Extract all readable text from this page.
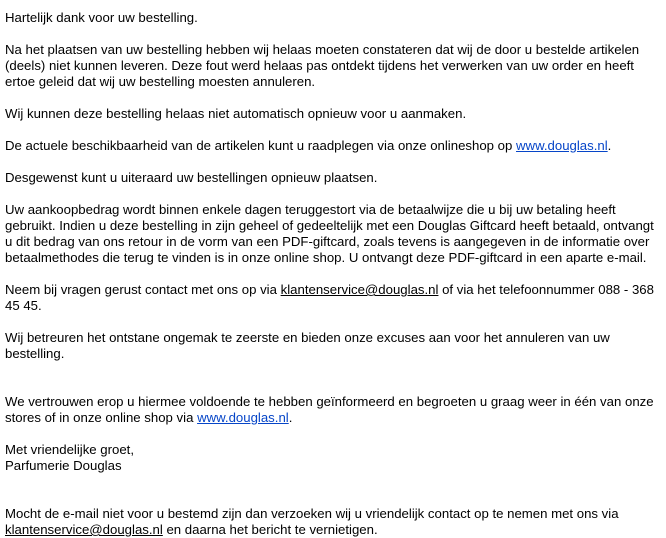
Hartelijk dank voor uw bestelling.

Na het plaatsen van uw bestelling hebben wij helaas moeten constateren dat wij de door u bestelde artikelen (deels) niet kunnen leveren. Deze fout werd helaas pas ontdekt tijdens het verwerken van uw order en heeft ertoe geleid dat wij uw bestelling moesten annuleren.

Wij kunnen deze bestelling helaas niet automatisch opnieuw voor u aanmaken.

De actuele beschikbaarheid van de artikelen kunt u raadplegen via onze onlineshop op www.douglas.nl.

Desgewenst kunt u uiteraard uw bestellingen opnieuw plaatsen.

Uw aankoopbedrag wordt binnen enkele dagen teruggestort via de betaalwijze die u bij uw betaling heeft gebruikt. Indien u deze bestelling in zijn geheel of gedeeltelijk met een Douglas Giftcard heeft betaald, ontvangt u dit bedrag van ons retour in de vorm van een PDF-giftcard, zoals tevens is aangegeven in de informatie over betaalmethodes die terug te vinden is in onze online shop. U ontvangt deze PDF-giftcard in een aparte e-mail.

Neem bij vragen gerust contact met ons op via klantenservice@douglas.nl of via het telefoonnummer 088 - 368 45 45.

Wij betreuren het ontstane ongemak te zeerste en bieden onze excuses aan voor het annuleren van uw bestelling.

We vertrouwen erop u hiermee voldoende te hebben geïnformeerd en begroeten u graag weer in één van onze stores of in onze online shop via www.douglas.nl.

Met vriendelijke groet,

Parfumerie Douglas

Mocht de e-mail niet voor u bestemd zijn dan verzoeken wij u vriendelijk contact op te nemen met ons via klantenservice@douglas.nl en daarna het bericht te vernietigen.
